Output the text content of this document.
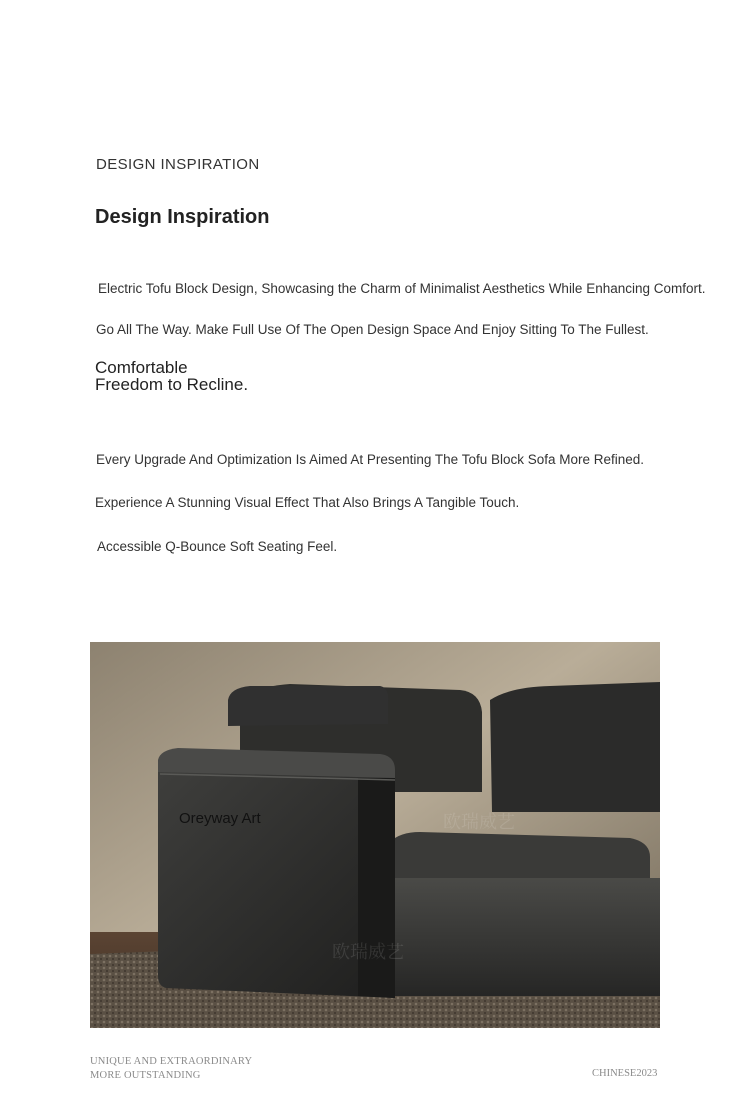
DESIGN INSPIRATION
Design Inspiration
Electric Tofu Block Design, Showcasing the Charm of Minimalist Aesthetics While Enhancing Comfort.
Go All The Way. Make Full Use Of The Open Design Space And Enjoy Sitting To The Fullest.
Comfortable
Freedom to Recline.
Every Upgrade And Optimization Is Aimed At Presenting The Tofu Block Sofa More Refined.
Experience A Stunning Visual Effect That Also Brings A Tangible Touch.
Accessible Q-Bounce Soft Seating Feel.
Oreyway Art	欧瑞威艺
欧瑞威艺
UNIQUE AND EXTRAORDINARY
MORE OUTSTANDING	CHINESE2023
